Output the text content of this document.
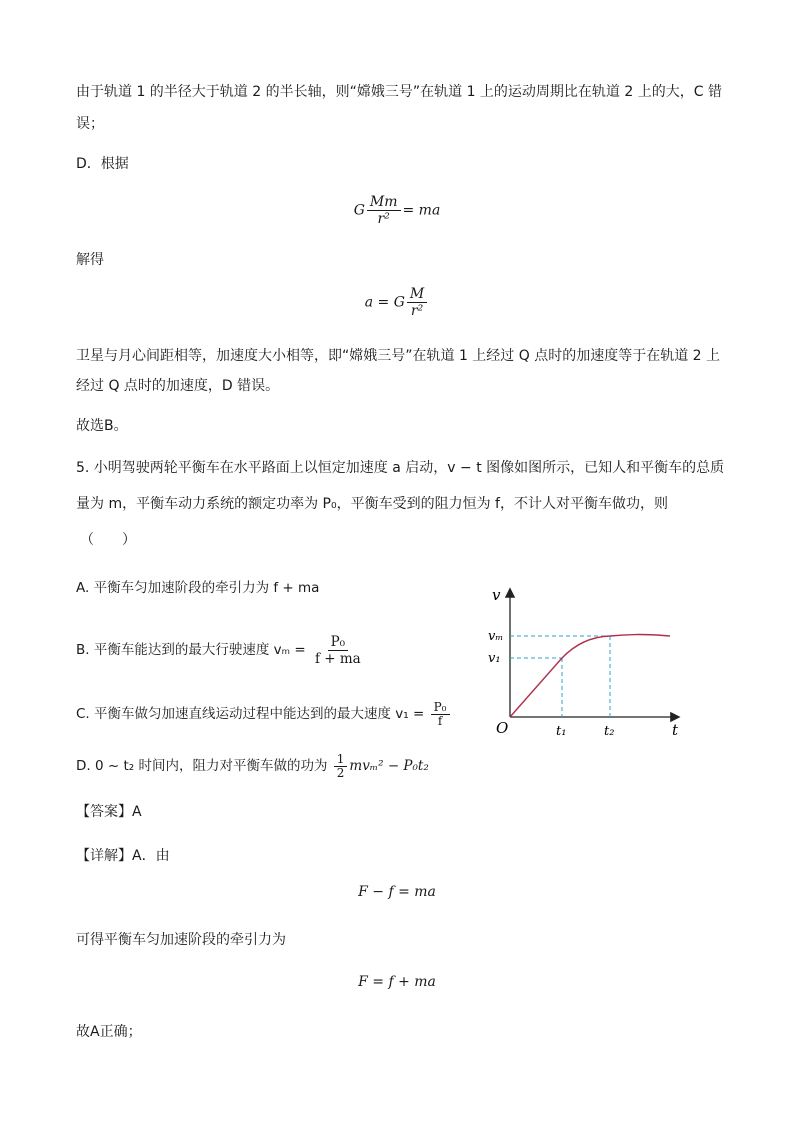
由于轨道 1 的半径大于轨道 2 的半长轴，则“嫦娥三号”在轨道 1 上的运动周期比在轨道 2 上的大，C 错
误；
D．根据
G $\frac{Mm}{\text{r²}}$ = ma
解得
a = G $\frac{M}{\text{r²}}$
卫星与月心间距相等，加速度大小相等，即“嫦娥三号”在轨道 1 上经过 Q 点时的加速度等于在轨道 2 上
经过 Q 点时的加速度，D 错误。
故选B。
5. 小明驾驶两轮平衡车在水平路面上以恒定加速度 a 启动，v − t 图像如图所示，已知人和平衡车的总质
量为 m，平衡车动力系统的额定功率为 P₀，平衡车受到的阻力恒为 f，不计人对平衡车做功，则
（　　）
A. 平衡车匀加速阶段的牵引力为 f + ma
B. 平衡车能达到的最大行驶速度 $v_m = \frac{\text{P₀}}{f + ma}$
C. 平衡车做匀加速直线运动过程中能达到的最大速度 $v_1 = \frac{\text{P₀}}{f}$
D. 0 ~ t₂ 时间内，阻力对平衡车做的功为 $\frac{1}{2} mv_m^2 - P_0t_2$
v
t
O
vₘ
v₁
t₁	t₂
【答案】A
【详解】A．由
F − f = ma
可得平衡车匀加速阶段的牵引力为
F = f + ma
故A正确；
